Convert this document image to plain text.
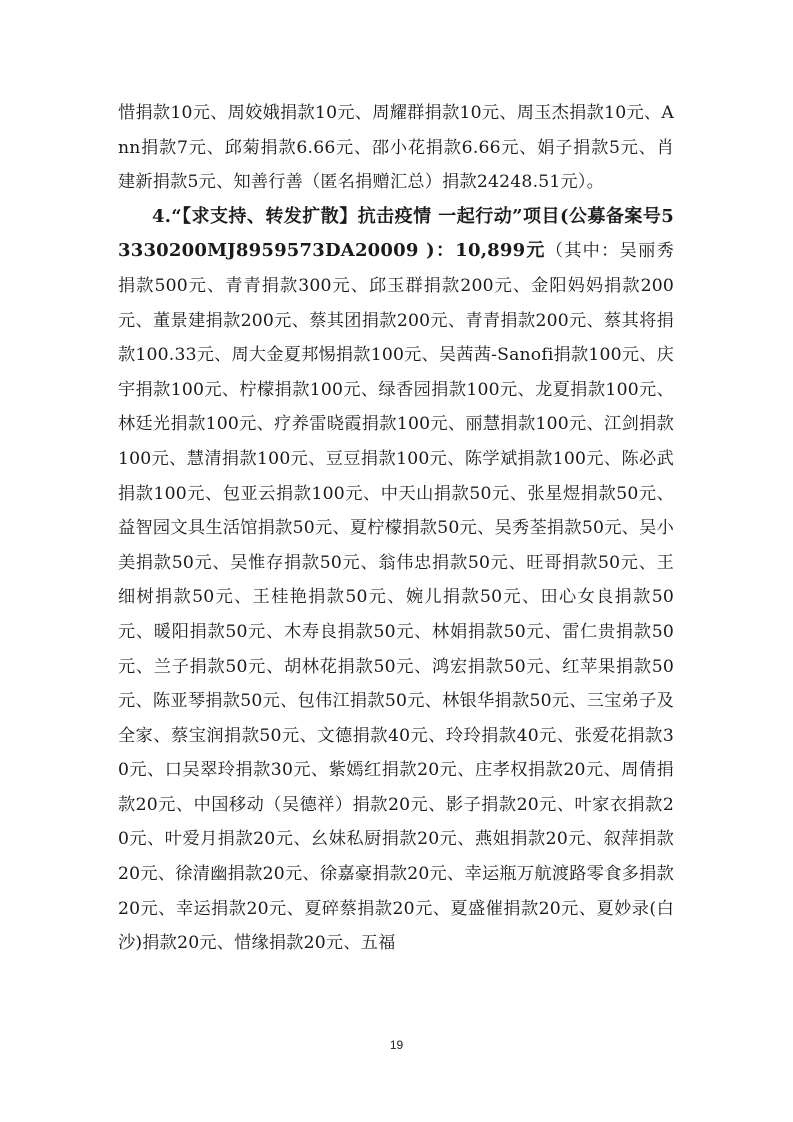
惜捐款10元、周姣娥捐款10元、周耀群捐款10元、周玉杰捐款10元、Ann捐款7元、邱菊捐款6.66元、邵小花捐款6.66元、娟子捐款5元、肖建新捐款5元、知善行善（匿名捐赠汇总）捐款24248.51元）。

4.“【求支持、转发扩散】抗击疫情 一起行动”项目(公募备案号53330200MJ8959573DA20009 )：10,899元（其中：吴丽秀捐款500元、青青捐款300元、邱玉群捐款200元、金阳妈妈捐款200元、董景建捐款200元、蔡其团捐款200元、青青捐款200元、蔡其将捐款100.33元、周大金夏邦惕捐款100元、吴茜茜-Sanofi捐款100元、庆宇捐款100元、柠檬捐款100元、绿香园捐款100元、龙夏捐款100元、林廷光捐款100元、疗养雷晓霞捐款100元、丽慧捐款100元、江剑捐款100元、慧清捐款100元、豆豆捐款100元、陈学斌捐款100元、陈必武捐款100元、包亚云捐款100元、中天山捐款50元、张星煜捐款50元、益智园文具生活馆捐款50元、夏柠檬捐款50元、吴秀荃捐款50元、吴小美捐款50元、吴惟存捐款50元、翁伟忠捐款50元、旺哥捐款50元、王细树捐款50元、王桂艳捐款50元、婉儿捐款50元、田心女良捐款50元、暖阳捐款50元、木寿良捐款50元、林娟捐款50元、雷仁贵捐款50元、兰子捐款50元、胡林花捐款50元、鸿宏捐款50元、红苹果捐款50元、陈亚琴捐款50元、包伟江捐款50元、林银华捐款50元、三宝弟子及全家、蔡宝润捐款50元、文德捐款40元、玲玲捐款40元、张爱花捐款30元、口吴翠玲捐款30元、紫嫣红捐款20元、庄孝权捐款20元、周倩捐款20元、中国移动（吴德祥）捐款20元、影子捐款20元、叶家衣捐款20元、叶爱月捐款20元、幺妹私厨捐款20元、燕姐捐款20元、叙萍捐款20元、徐清幽捐款20元、徐嘉豪捐款20元、幸运瓶万航渡路零食多捐款20元、幸运捐款20元、夏碎蔡捐款20元、夏盛催捐款20元、夏妙录(白沙)捐款20元、惜缘捐款20元、五福

19
